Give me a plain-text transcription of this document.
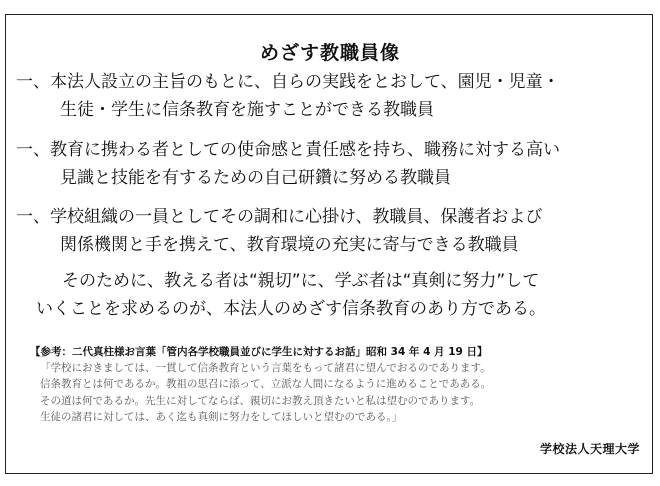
めざす教職員像
一、本法人設立の主旨のもとに、自らの実践をとおして、園児・児童・
生徒・学生に信条教育を施すことができる教職員
一、教育に携わる者としての使命感と責任感を持ち、職務に対する高い
見識と技能を有するための自己研鑽に努める教職員
一、学校組織の一員としてその調和に心掛け、教職員、保護者および
関係機関と手を携えて、教育環境の充実に寄与できる教職員
そのために、教える者は“親切”に、学ぶ者は“真剣に努力”して
いくことを求めるのが、本法人のめざす信条教育のあり方である。
【参考：二代真柱様お言葉「管内各学校職員並びに学生に対するお話」昭和 34 年 4 月 19 日】
「学校におきましては、一貫して信条教育という言葉をもって諸君に望んでおるのであります。
信条教育とは何であるか。教祖の思召に添って、立派な人間になるように進めることであある。
その道は何であるか。先生に対してならば、親切にお教え頂きたいと私は望むのであります。
生徒の諸君に対しては、あく迄も真剣に努力をしてほしいと望むのである。」
学校法人天理大学
